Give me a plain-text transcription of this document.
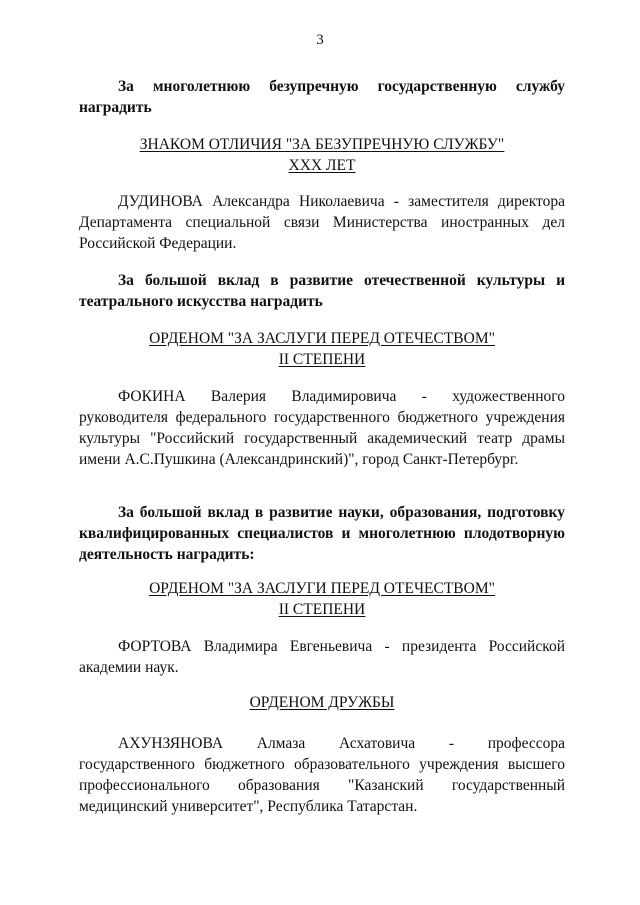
3
За многолетнюю безупречную государственную службу наградить
ЗНАКОМ ОТЛИЧИЯ "ЗА БЕЗУПРЕЧНУЮ СЛУЖБУ"
ХХХ ЛЕТ
ДУДИНОВА Александра Николаевича - заместителя директора Департамента специальной связи Министерства иностранных дел Российской Федерации.
За большой вклад в развитие отечественной культуры и театрального искусства наградить
ОРДЕНОМ "ЗА ЗАСЛУГИ ПЕРЕД ОТЕЧЕСТВОМ"
II СТЕПЕНИ
ФОКИНА Валерия Владимировича - художественного руководителя федерального государственного бюджетного учреждения культуры "Российский государственный академический театр драмы имени А.С.Пушкина (Александринский)", город Санкт-Петербург.
За большой вклад в развитие науки, образования, подготовку квалифицированных специалистов и многолетнюю плодотворную деятельность наградить:
ОРДЕНОМ "ЗА ЗАСЛУГИ ПЕРЕД ОТЕЧЕСТВОМ"
II СТЕПЕНИ
ФОРТОВА Владимира Евгеньевича - президента Российской академии наук.
ОРДЕНОМ ДРУЖБЫ
АХУНЗЯНОВА Алмаза Асхатовича - профессора государственного бюджетного образовательного учреждения высшего профессионального образования "Казанский государственный медицинский университет", Республика Татарстан.
